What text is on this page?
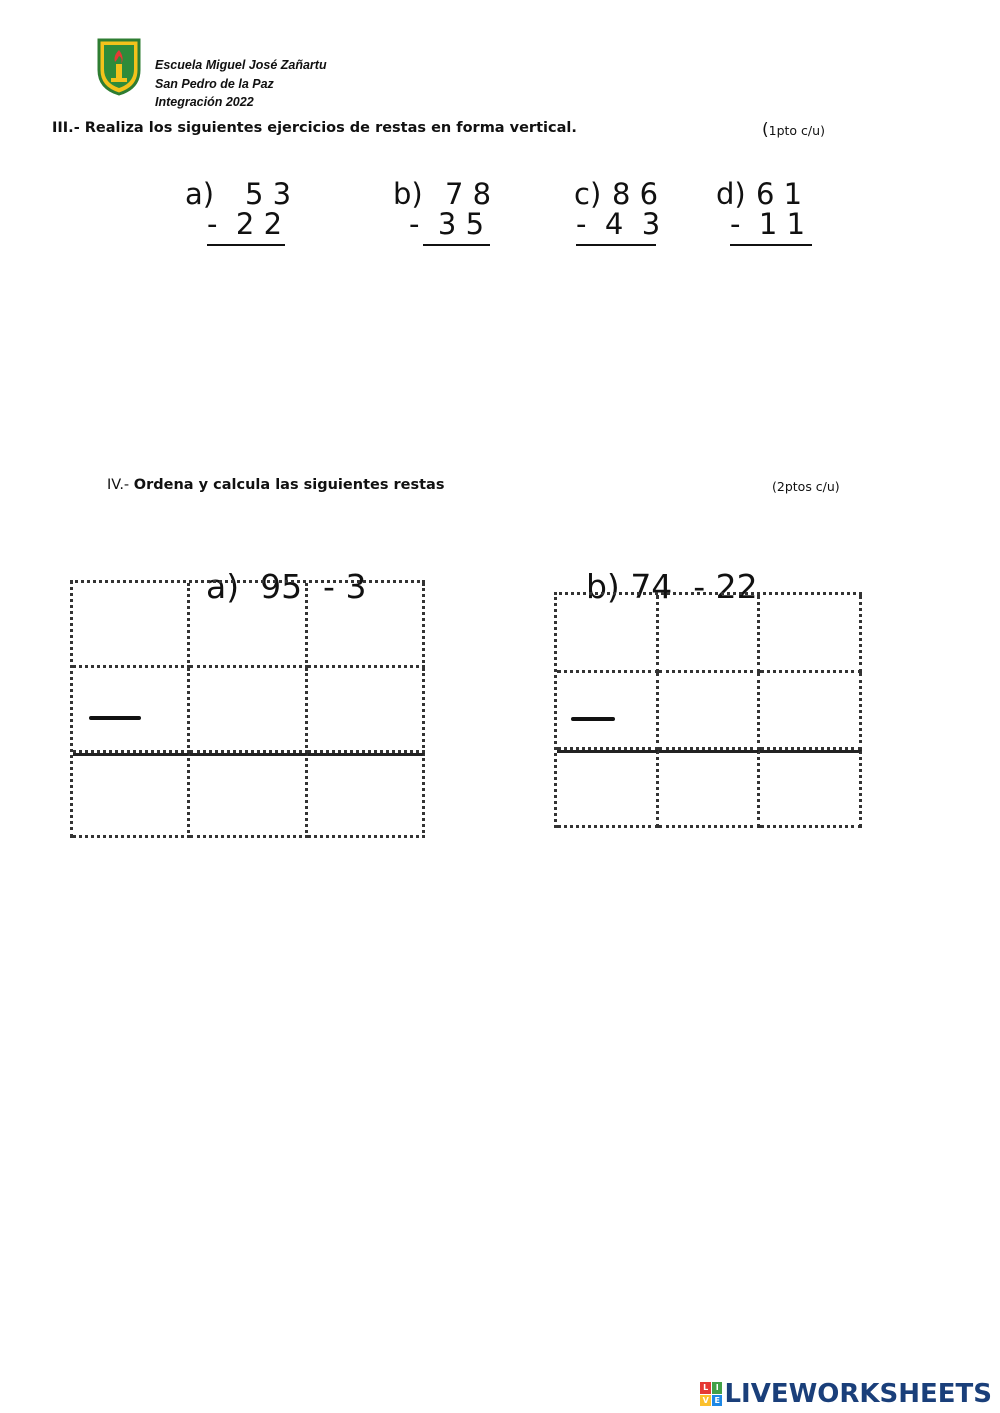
Escuela Miguel José Zañartu
San Pedro de la Paz
Integración 2022
III.- Realiza los siguientes ejercicios de restas en forma vertical.	(1pto c/u)

a)

5 3

-  2 2

b)

7 8

-  3 5

c)

8 6

-  4  3

d)

6 1

-  1 1

IV.- Ordena y calcula las siguientes restas	(2ptos c/u)

a) 95  - 3	b) 74  - 22

L I
V E LIVEWORKSHEETS
